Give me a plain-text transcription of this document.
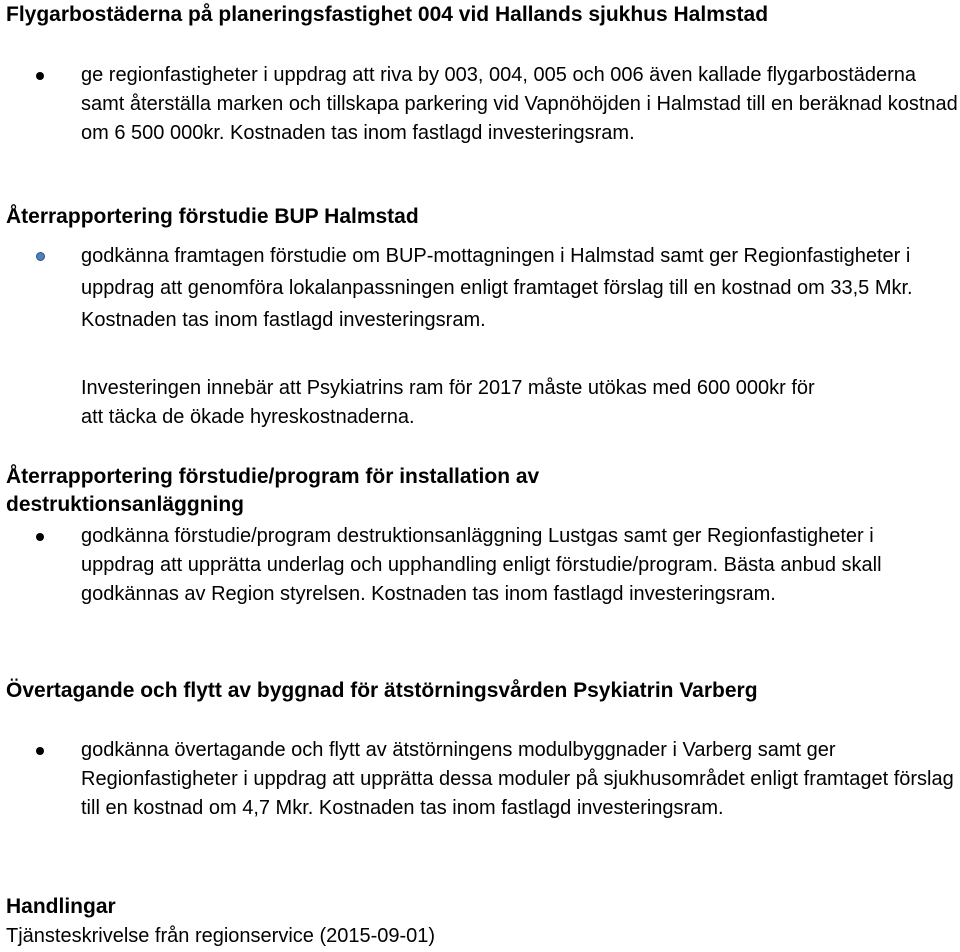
Flygarbostäderna på planeringsfastighet 004 vid Hallands sjukhus Halmstad

ge regionfastigheter i uppdrag att riva by 003, 004, 005 och 006 även kallade flygarbostäderna samt återställa marken och tillskapa parkering vid Vapnöhöjden i Halmstad till en beräknad kostnad om 6 500 000kr. Kostnaden tas inom fastlagd investeringsram.

Återrapportering förstudie BUP Halmstad

godkänna framtagen förstudie om BUP-mottagningen i Halmstad samt ger Regionfastigheter i uppdrag att genomföra lokalanpassningen enligt framtaget förslag till en kostnad om 33,5 Mkr. Kostnaden tas inom fastlagd investeringsram.

Investeringen innebär att Psykiatrins ram för 2017 måste utökas med 600 000kr för att täcka de ökade hyreskostnaderna.

Återrapportering förstudie/program för installation av destruktionsanläggning

godkänna förstudie/program destruktionsanläggning Lustgas samt ger Regionfastigheter i uppdrag att upprätta underlag och upphandling enligt förstudie/program. Bästa anbud skall godkännas av Region styrelsen. Kostnaden tas inom fastlagd investeringsram.

Övertagande och flytt av byggnad för ätstörningsvården Psykiatrin Varberg

godkänna övertagande och flytt av ätstörningens modulbyggnader i Varberg samt ger Regionfastigheter i uppdrag att upprätta dessa moduler på sjukhusområdet enligt framtaget förslag till en kostnad om 4,7 Mkr. Kostnaden tas inom fastlagd investeringsram.

Handlingar
Tjänsteskrivelse från regionservice (2015-09-01)
